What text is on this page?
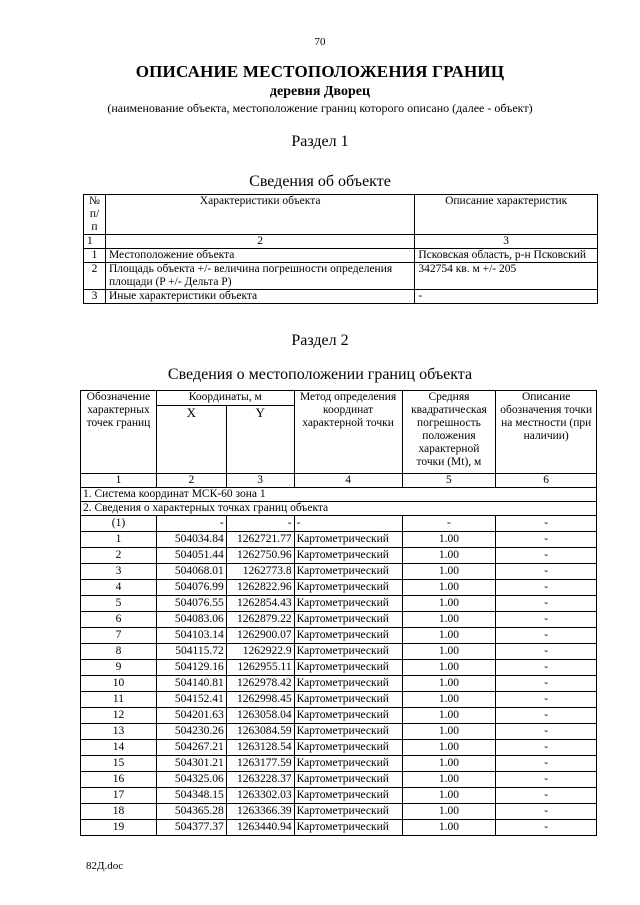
70
ОПИСАНИЕ МЕСТОПОЛОЖЕНИЯ ГРАНИЦ
деревня Дворец
(наименование объекта, местоположение границ которого описано (далее - объект)
Раздел 1
Сведения об объекте
№ п/п	Характеристики объекта	Описание характеристик
1	2	3
1	Местоположение объекта	Псковская область, р-н Псковский
2	Площадь объекта +/- величина погрешности определения площади (P +/- Дельта P)	342754 кв. м +/- 205
3	Иные характеристики объекта	-
Раздел 2
Сведения о местоположении границ объекта
Обозначение характерных точек границ	Координаты, м		Метод определения координат характерной точки	Средняя квадратическая погрешность положения характерной точки (Mt), м	Описание обозначения точки на местности (при наличии)
	X	Y			
1	2	3	4	5	6
1. Система координат МСК-60 зона 1					
2. Сведения о характерных точках границ объекта					
(1)	-	-	-	-	-
1	504034.84	1262721.77	Картометрический	1.00	-
2	504051.44	1262750.96	Картометрический	1.00	-
3	504068.01	1262773.8	Картометрический	1.00	-
4	504076.99	1262822.96	Картометрический	1.00	-
5	504076.55	1262854.43	Картометрический	1.00	-
6	504083.06	1262879.22	Картометрический	1.00	-
7	504103.14	1262900.07	Картометрический	1.00	-
8	504115.72	1262922.9	Картометрический	1.00	-
9	504129.16	1262955.11	Картометрический	1.00	-
10	504140.81	1262978.42	Картометрический	1.00	-
11	504152.41	1262998.45	Картометрический	1.00	-
12	504201.63	1263058.04	Картометрический	1.00	-
13	504230.26	1263084.59	Картометрический	1.00	-
14	504267.21	1263128.54	Картометрический	1.00	-
15	504301.21	1263177.59	Картометрический	1.00	-
16	504325.06	1263228.37	Картометрический	1.00	-
17	504348.15	1263302.03	Картометрический	1.00	-
18	504365.28	1263366.39	Картометрический	1.00	-
19	504377.37	1263440.94	Картометрический	1.00	-
82Д.doc
